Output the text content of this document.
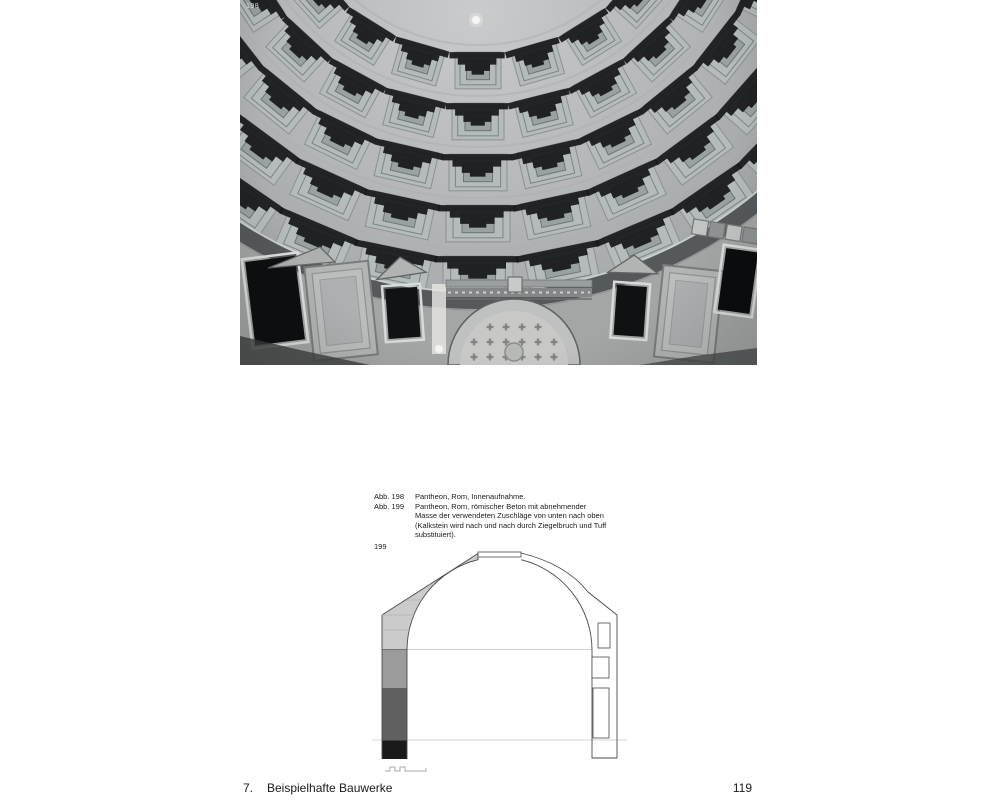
198
Abb. 198	Pantheon, Rom, Innenaufnahme.
Abb. 199	Pantheon, Rom, römischer Beton mit abnehmender
Masse der verwendeten Zuschläge von unten nach oben
(Kalkstein wird nach und nach durch Ziegelbruch und Tuff
substituiert).
199
7. Beispielhafte Bauwerke	119
